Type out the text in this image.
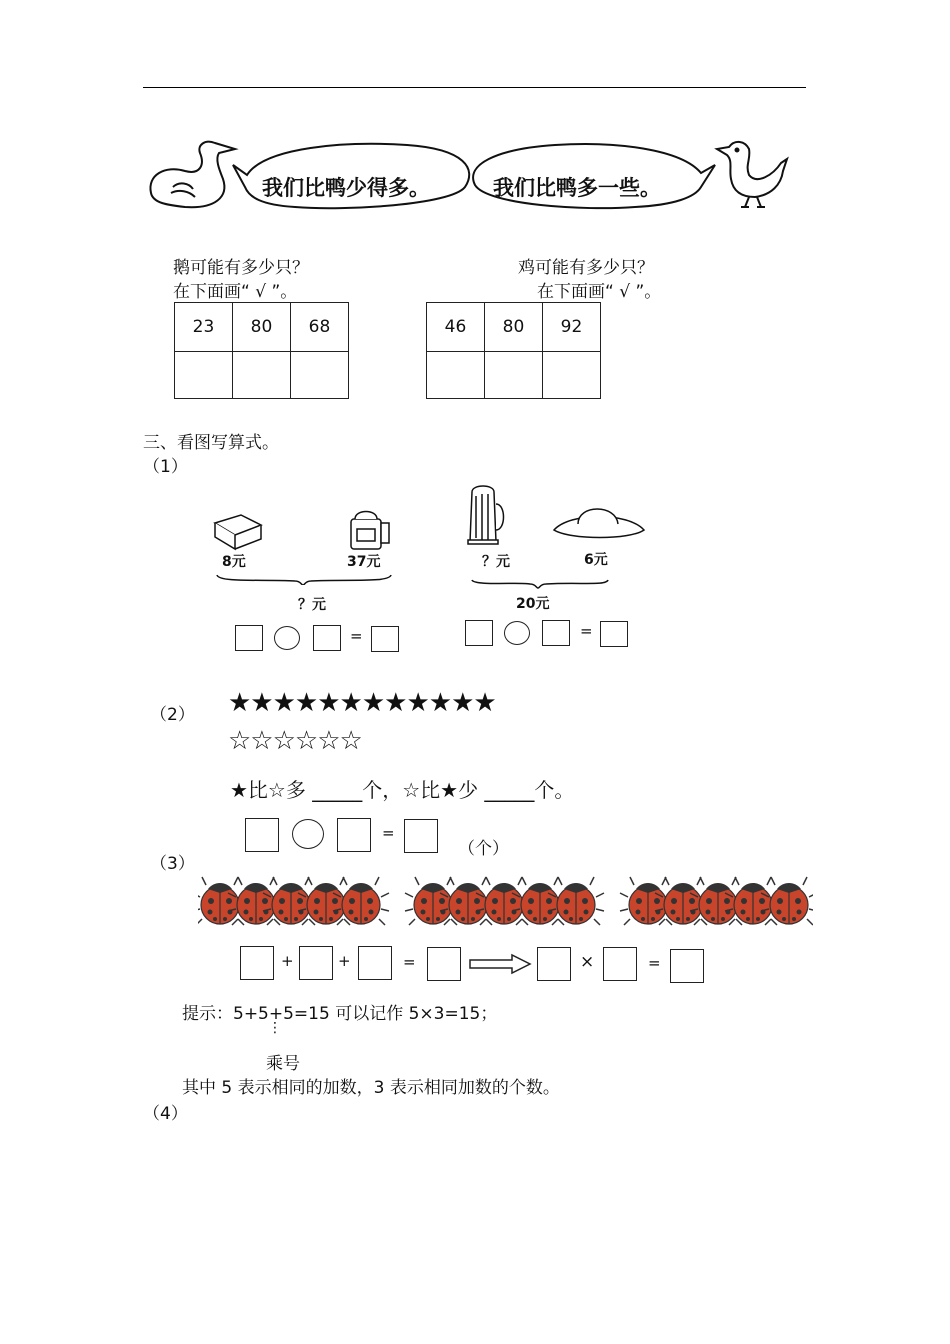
我们比鸭少得多。	我们比鸭多一些。
鹅可能有多少只？
在下面画“ √ ”。
23	80	68

鸡可能有多少只？
在下面画“ √ ”。
46	80	92

三、看图写算式。
（1）
8元	37元
？元
=
？元	6元
20元
=
（2） ★★★★★★★★★★★★
☆☆☆☆☆☆
★比☆多 _____个，☆比★少 _____个。
=
（个）
（3）
+	+	=	×	=
提示：5+5+5=15 可以记作 5×3=15；
⋮
乘号
其中 5 表示相同的加数，3 表示相同加数的个数。
（4）
